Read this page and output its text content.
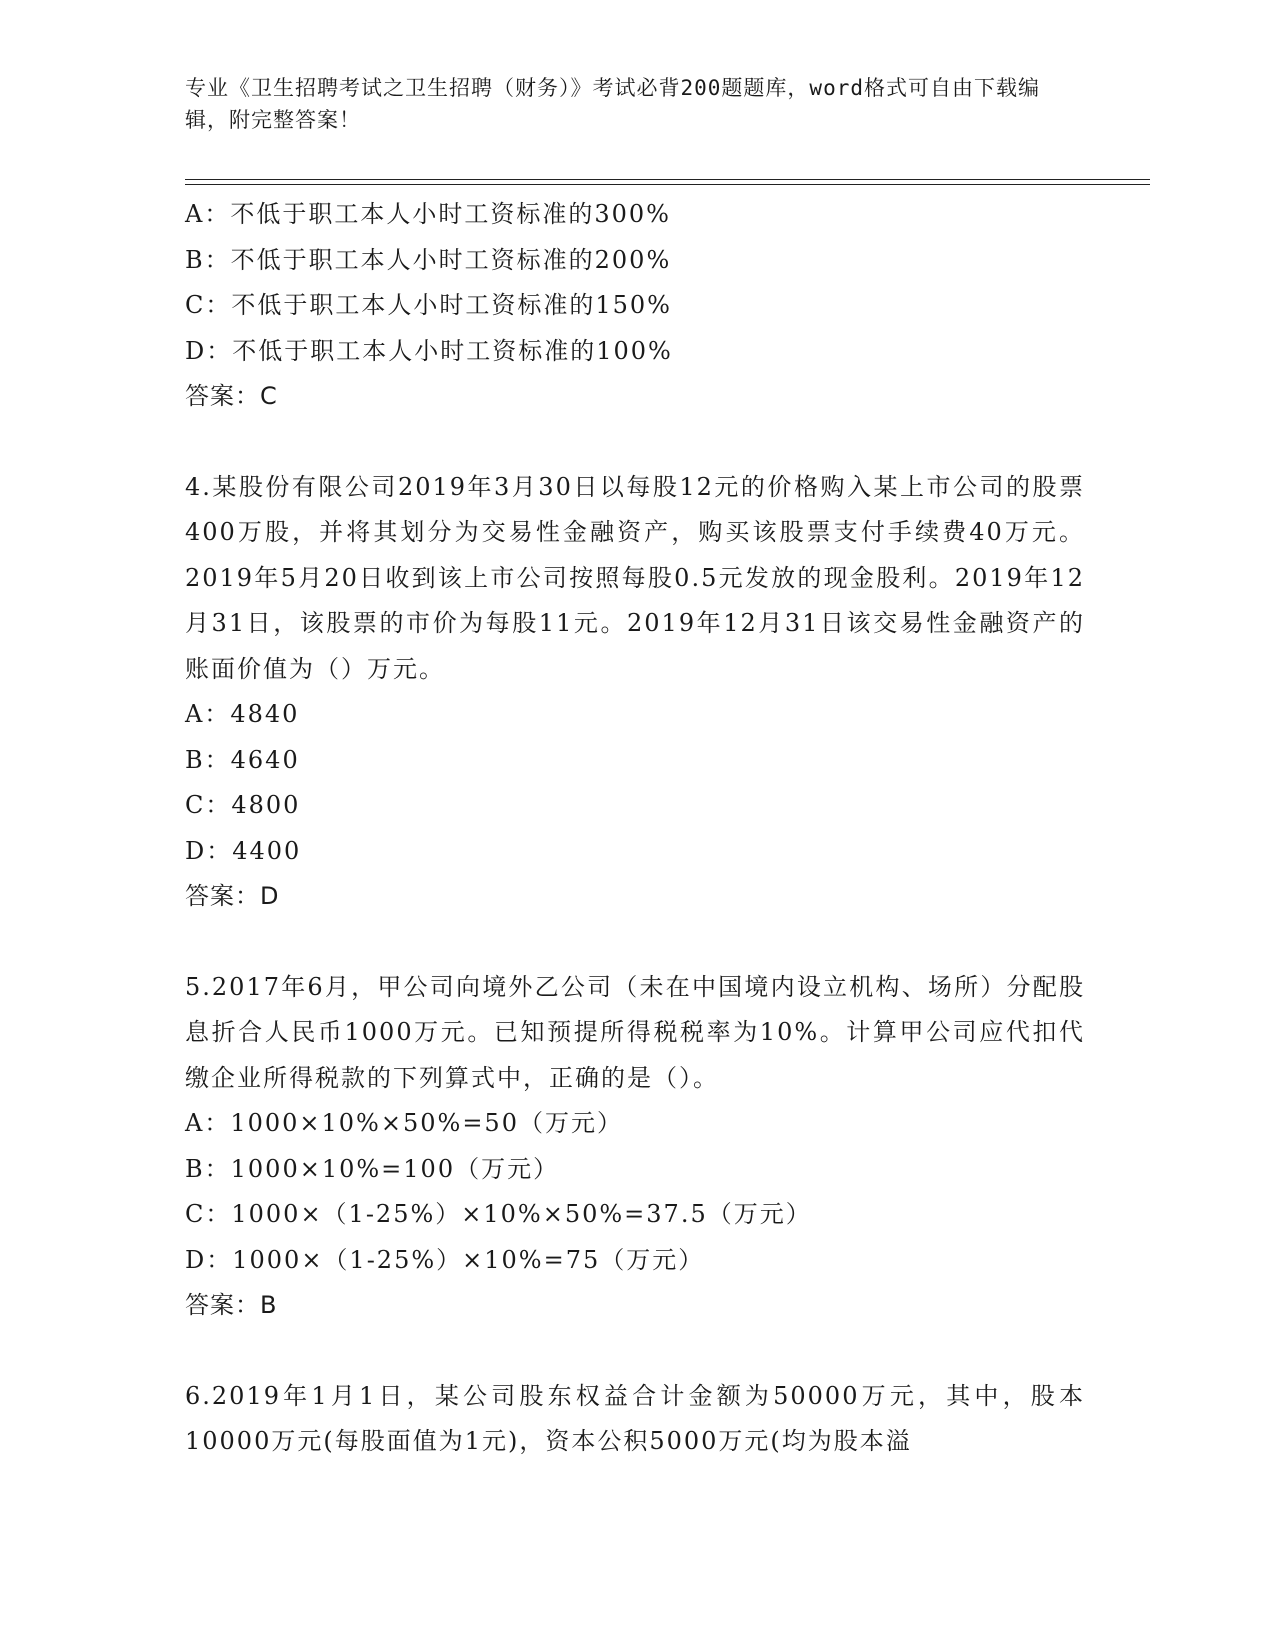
专业《卫生招聘考试之卫生招聘（财务）》考试必背200题题库，word格式可自由下载编辑，附完整答案！
A：不低于职工本人小时工资标准的300%
B：不低于职工本人小时工资标准的200%
C：不低于职工本人小时工资标准的150%
D：不低于职工本人小时工资标准的100%
答案：C
4.某股份有限公司2019年3月30日以每股12元的价格购入某上市公司的股票400万股，并将其划分为交易性金融资产，购买该股票支付手续费40万元。2019年5月20日收到该上市公司按照每股0.5元发放的现金股利。2019年12月31日，该股票的市价为每股11元。2019年12月31日该交易性金融资产的账面价值为（）万元。
A：4840
B：4640
C：4800
D：4400
答案：D
5.2017年6月，甲公司向境外乙公司（未在中国境内设立机构、场所）分配股息折合人民币1000万元。已知预提所得税税率为10%。计算甲公司应代扣代缴企业所得税款的下列算式中，正确的是（）。
A：1000×10%×50%=50（万元）
B：1000×10%=100（万元）
C：1000×（1-25%）×10%×50%=37.5（万元）
D：1000×（1-25%）×10%=75（万元）
答案：B
6.2019年1月1日，某公司股东权益合计金额为50000万元，其中，股本10000万元(每股面值为1元)，资本公积5000万元(均为股本溢
